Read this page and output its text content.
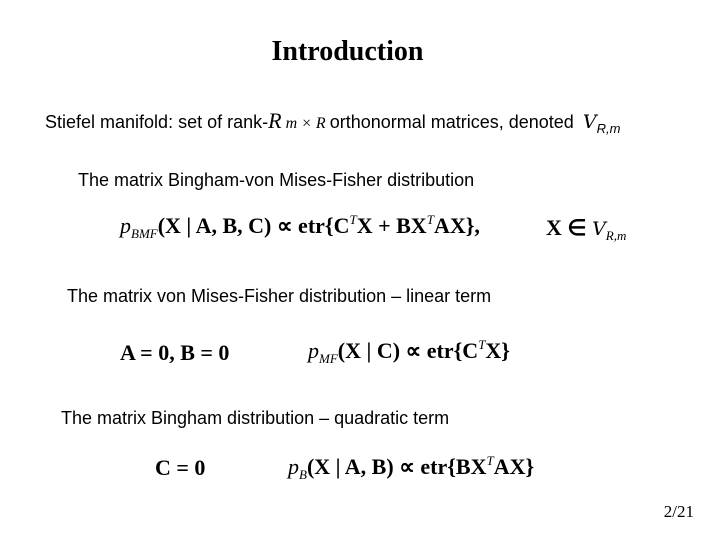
Introduction
Stiefel manifold: set of rank-R m × R orthonormal matrices, denoted $V_{R,m}$
The matrix Bingham-von Mises-Fisher distribution
$p_{BMF}(X$ | A, B, $C) \propto etr\{C^TX + BX^TAX\}$,	X ∈ $V_{R,m}$
The matrix von Mises-Fisher distribution – linear term
A = 0, B = 0	$p_{MF}(X$ | $C) \propto etr\{C^TX\}$
The matrix Bingham distribution – quadratic term
C = 0	$p_B(X$ | A, $B) \propto etr\{BX^TAX\}$
2/21
